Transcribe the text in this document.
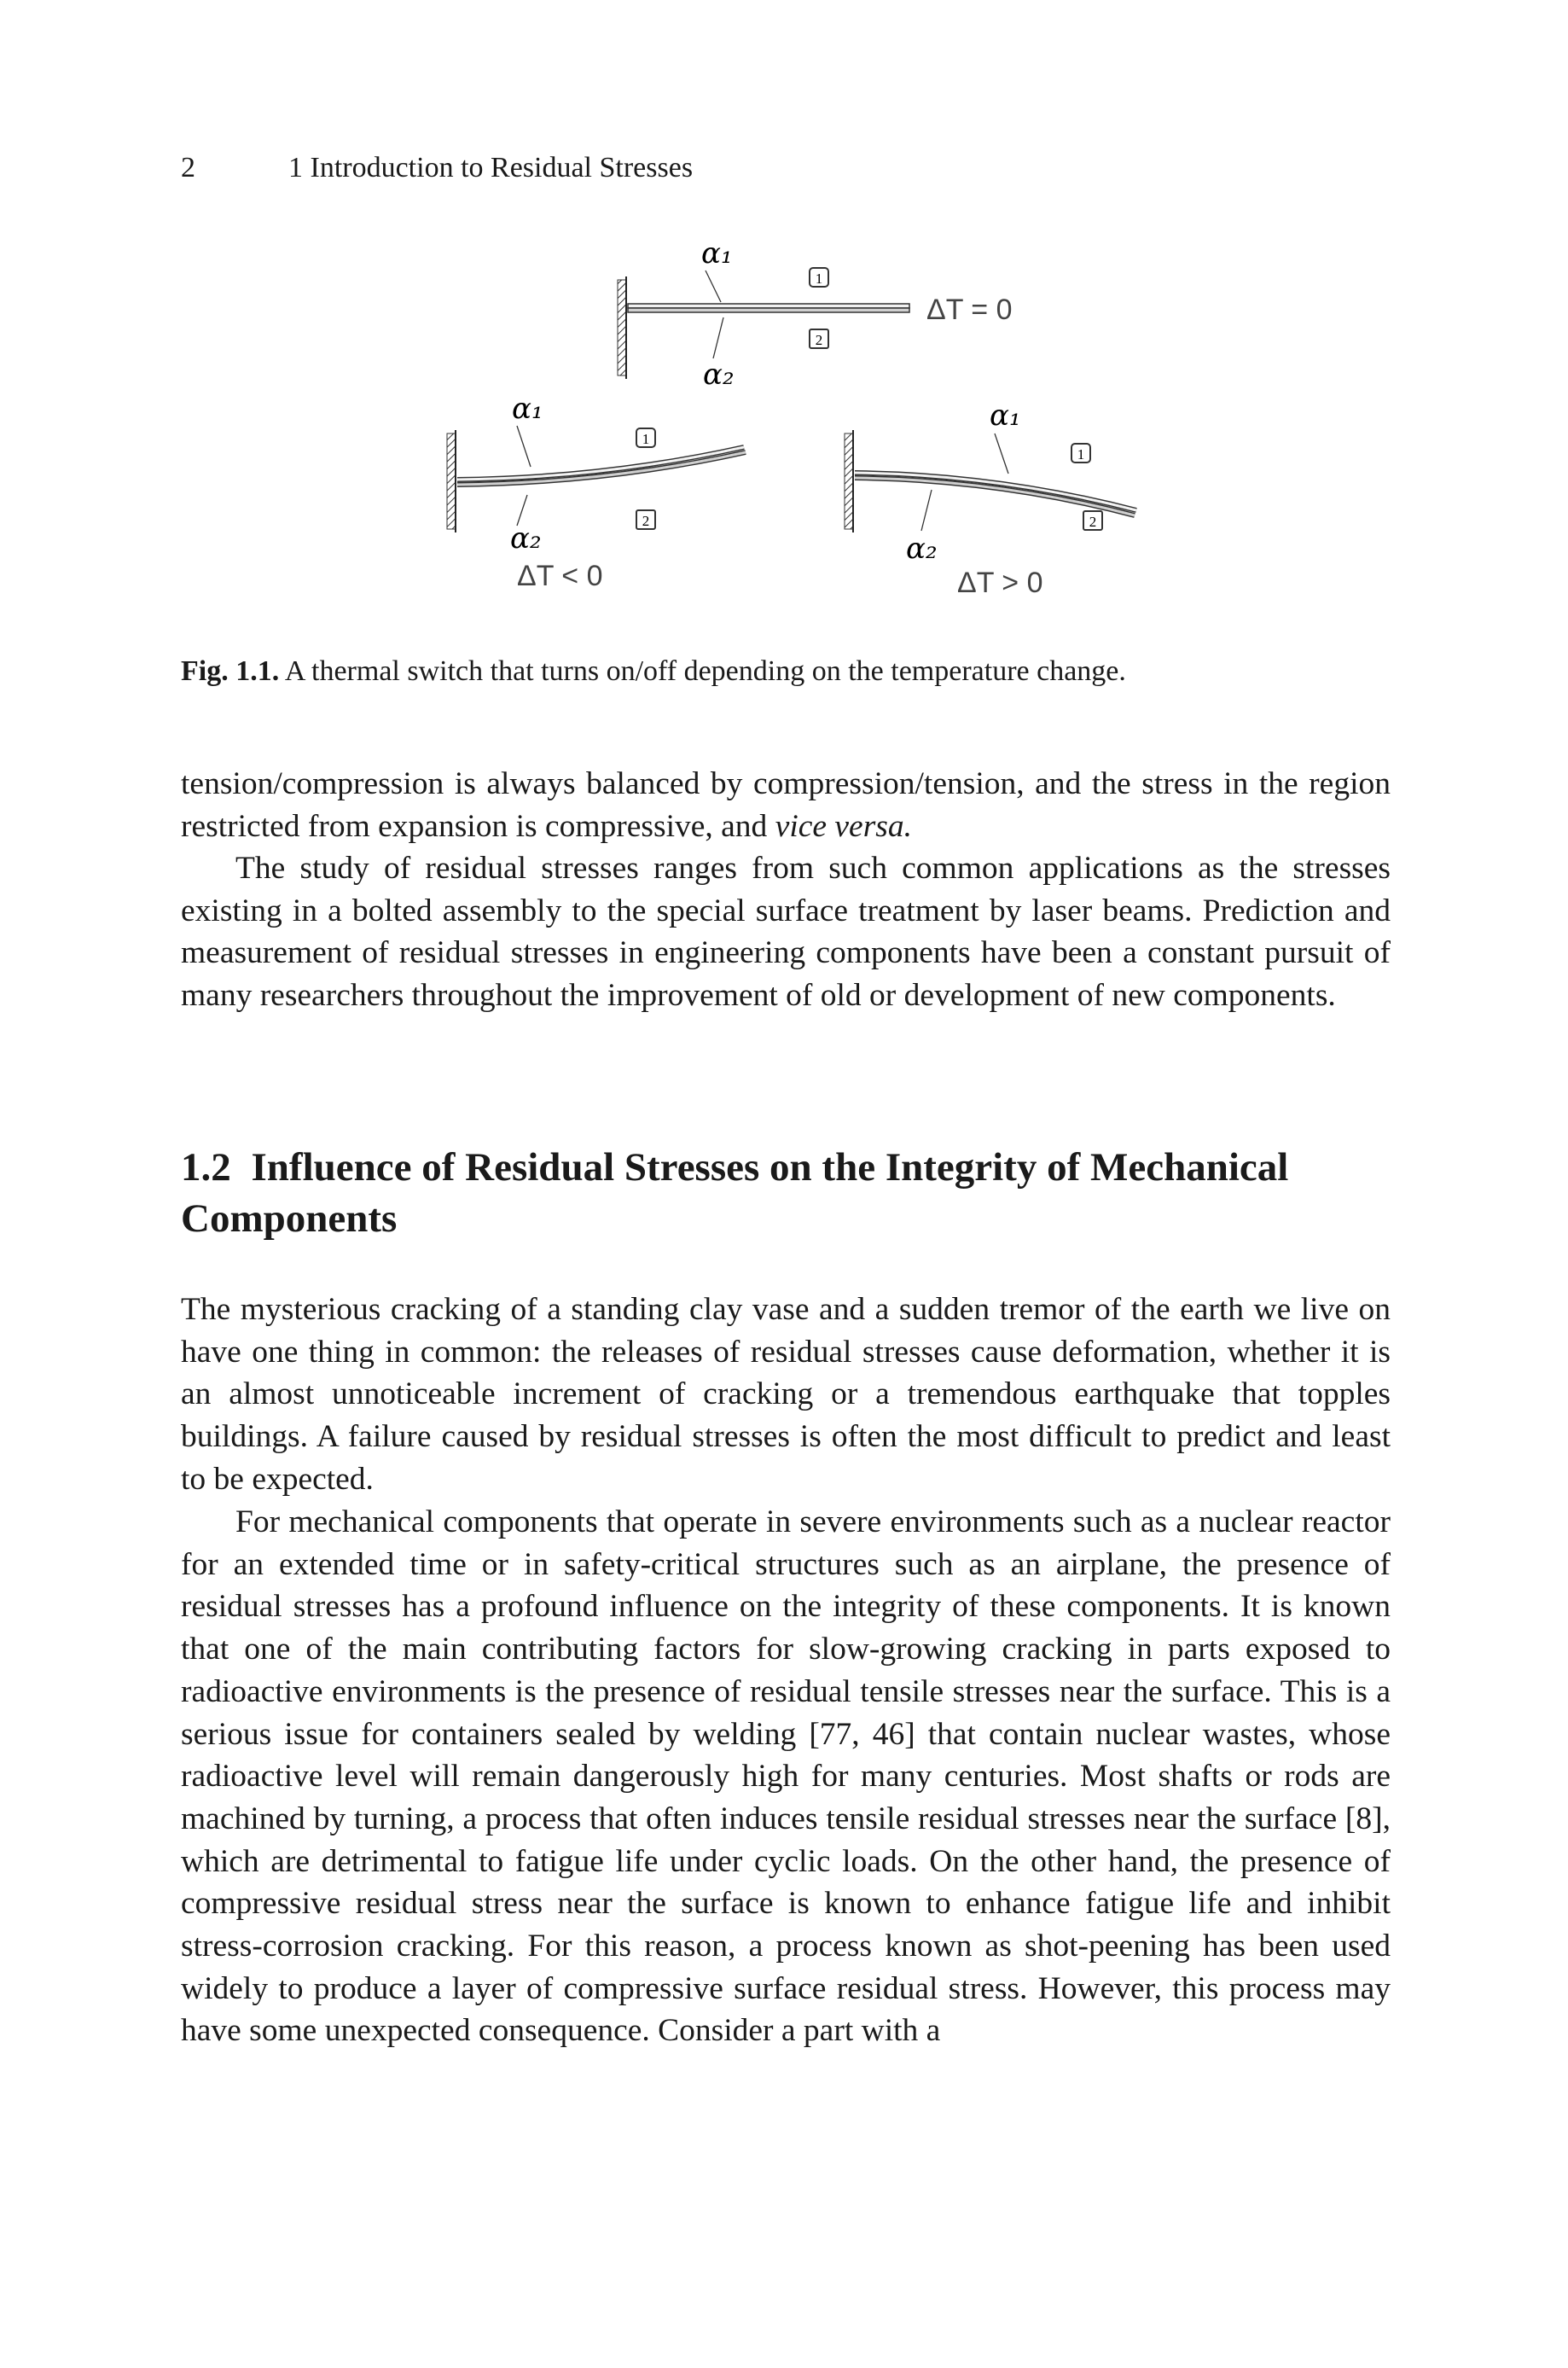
2	1 Introduction to Residual Stresses
α₁
α₂
1
2
ΔT = 0
α₁
α₂
1
2
ΔT < 0
α₁
α₂
1
2
ΔT > 0
Fig. 1.1. A thermal switch that turns on/off depending on the temperature change.

tension/compression is always balanced by compression/tension, and the stress in the region restricted from expansion is compressive, and vice versa.

The study of residual stresses ranges from such common applications as the stresses existing in a bolted assembly to the special surface treatment by laser beams. Prediction and measurement of residual stresses in engineering components have been a constant pursuit of many researchers throughout the improvement of old or development of new components.

1.2 Influence of Residual Stresses on the Integrity of Mechanical Components

The mysterious cracking of a standing clay vase and a sudden tremor of the earth we live on have one thing in common: the releases of residual stresses cause deformation, whether it is an almost unnoticeable increment of cracking or a tremendous earthquake that topples buildings. A failure caused by residual stresses is often the most difficult to predict and least to be expected.

For mechanical components that operate in severe environments such as a nuclear reactor for an extended time or in safety-critical structures such as an airplane, the presence of residual stresses has a profound influence on the integrity of these components. It is known that one of the main contributing factors for slow-growing cracking in parts exposed to radioactive environments is the presence of residual tensile stresses near the surface. This is a serious issue for containers sealed by welding [77, 46] that contain nuclear wastes, whose radioactive level will remain dangerously high for many centuries. Most shafts or rods are machined by turning, a process that often induces tensile residual stresses near the surface [8], which are detrimental to fatigue life under cyclic loads. On the other hand, the presence of compressive residual stress near the surface is known to enhance fatigue life and inhibit stress-corrosion cracking. For this reason, a process known as shot-peening has been used widely to produce a layer of compressive surface residual stress. However, this process may have some unexpected consequence. Consider a part with a
